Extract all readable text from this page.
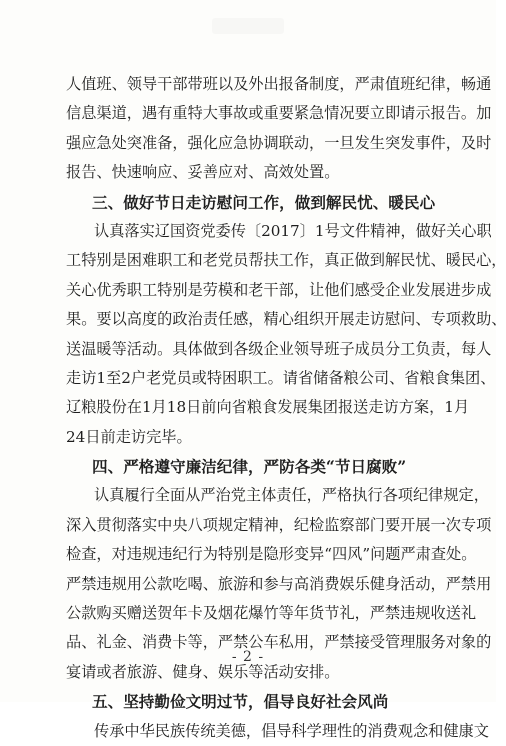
人值班、领导干部带班以及外出报备制度，严肃值班纪律，畅通
信息渠道，遇有重特大事故或重要紧急情况要立即请示报告。加
强应急处突准备，强化应急协调联动，一旦发生突发事件，及时
报告、快速响应、妥善应对、高效处置。
三、做好节日走访慰问工作，做到解民忧、暖民心
认真落实辽国资党委传〔2017〕1号文件精神，做好关心职
工特别是困难职工和老党员帮扶工作，真正做到解民忧、暖民心，
关心优秀职工特别是劳模和老干部，让他们感受企业发展进步成
果。要以高度的政治责任感，精心组织开展走访慰问、专项救助、
送温暖等活动。具体做到各级企业领导班子成员分工负责，每人
走访1至2户老党员或特困职工。请省储备粮公司、省粮食集团、
辽粮股份在1月18日前向省粮食发展集团报送走访方案，1月
24日前走访完毕。
四、严格遵守廉洁纪律，严防各类“节日腐败”
认真履行全面从严治党主体责任，严格执行各项纪律规定，
深入贯彻落实中央八项规定精神，纪检监察部门要开展一次专项
检查，对违规违纪行为特别是隐形变异“四风”问题严肃查处。
严禁违规用公款吃喝、旅游和参与高消费娱乐健身活动，严禁用
公款购买赠送贺年卡及烟花爆竹等年货节礼，严禁违规收送礼
品、礼金、消费卡等，严禁公车私用，严禁接受管理服务对象的
宴请或者旅游、健身、娱乐等活动安排。
五、坚持勤俭文明过节，倡导良好社会风尚
传承中华民族传统美德，倡导科学理性的消费观念和健康文
- 2 -
